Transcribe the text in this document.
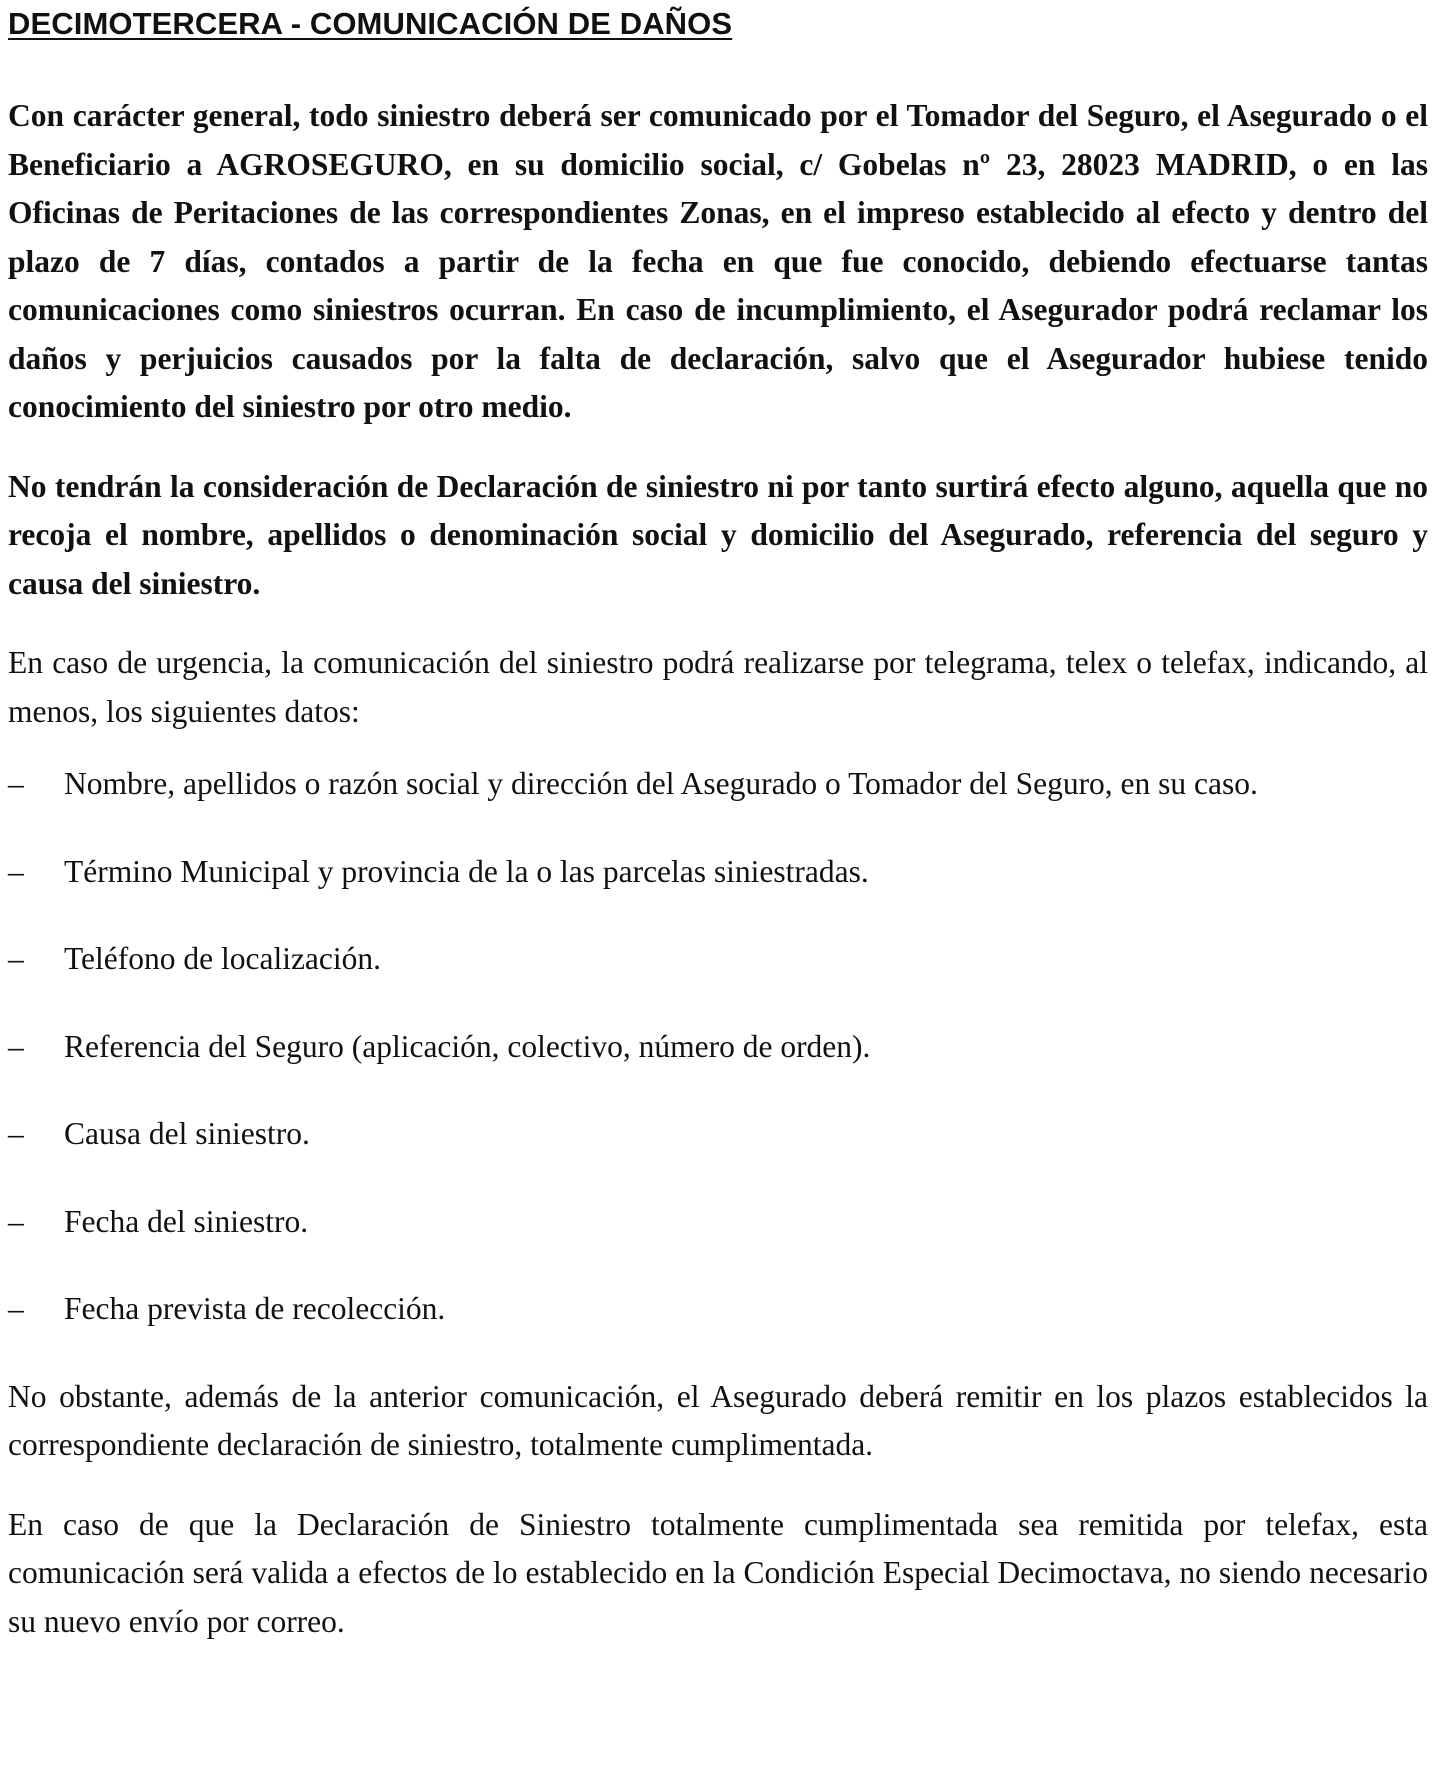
DECIMOTERCERA - COMUNICACIÓN DE DAÑOS

Con carácter general, todo siniestro deberá ser comunicado por el Tomador del Seguro, el Asegurado o el Beneficiario a AGROSEGURO, en su domicilio social, c/ Gobelas nº 23, 28023 MADRID, o en las Oficinas de Peritaciones de las correspondientes Zonas, en el impreso establecido al efecto y dentro del plazo de 7 días, contados a partir de la fecha en que fue conocido, debiendo efectuarse tantas comunicaciones como siniestros ocurran. En caso de incumplimiento, el Asegurador podrá reclamar los daños y perjuicios causados por la falta de declaración, salvo que el Asegurador hubiese tenido conocimiento del siniestro por otro medio.

No tendrán la consideración de Declaración de siniestro ni por tanto surtirá efecto alguno, aquella que no recoja el nombre, apellidos o denominación social y domicilio del Asegurado, referencia del seguro y causa del siniestro.

En caso de urgencia, la comunicación del siniestro podrá realizarse por telegrama, telex o telefax, indicando, al menos, los siguientes datos:

–	Nombre, apellidos o razón social y dirección del Asegurado o Tomador del Seguro, en su caso.
– Término Municipal y provincia de la o las parcelas siniestradas.
– Teléfono de localización.
– Referencia del Seguro (aplicación, colectivo, número de orden).
– Causa del siniestro.
– Fecha del siniestro.
– Fecha prevista de recolección.

No obstante, además de la anterior comunicación, el Asegurado deberá remitir en los plazos establecidos la correspondiente declaración de siniestro, totalmente cumplimentada.

En caso de que la Declaración de Siniestro totalmente cumplimentada sea remitida por telefax, esta comunicación será valida a efectos de lo establecido en la Condición Especial Decimoctava, no siendo necesario su nuevo envío por correo.
